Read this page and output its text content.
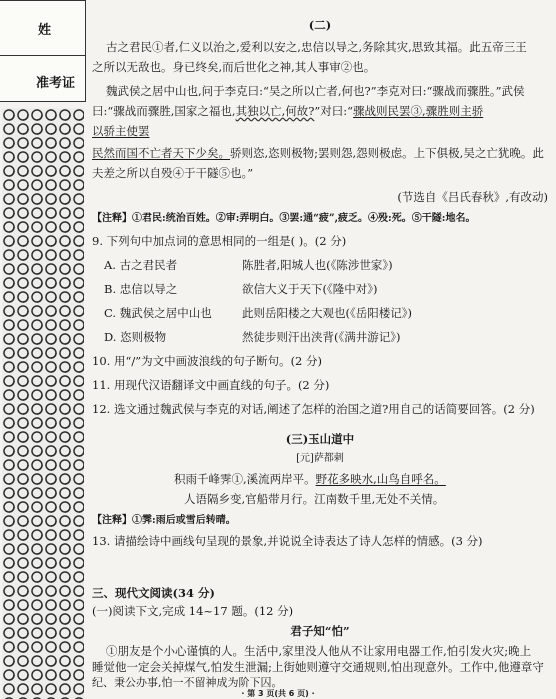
姓
准考证
(二)
古之君民①者,仁义以治之,爱利以安之,忠信以导之,务除其灾,思致其福。此五帝三王
之所以无敌也。身已终矣,而后世化之神,其人事审②也。
魏武侯之居中山也,问于李克曰:“吴之所以亡者,何也?”李克对曰:“骤战而骤胜。”武侯
曰:“骤战而骤胜,国家之福也,其独以亡,何故?”对曰:“骤战则民罢③,骤胜则主骄
以骄主使罢
民然而国不亡者天下少矣。骄则恣,恣则极物;罢则怨,怨则极虑。上下俱极,吴之亡犹晚。此
夫差之所以自殁④于干隧⑤也。”
(节选自《吕氏春秋》,有改动)
【注释】①君民:统治百姓。②审:弄明白。③罢:通“疲”,疲乏。④殁:死。⑤干隧:地名。
9. 下列句中加点词的意思相同的一组是( )。(2 分)
A. 古之君民者	陈胜者,阳城人也(《陈涉世家》)
B. 忠信以导之	欲信大义于天下(《隆中对》)
C. 魏武侯之居中山也	此则岳阳楼之大观也(《岳阳楼记》)
D. 恣则极物	然徒步则汗出浃背(《满井游记》)
10. 用“/”为文中画波浪线的句子断句。(2 分)
11. 用现代汉语翻译文中画直线的句子。(2 分)
12. 选文通过魏武侯与李克的对话,阐述了怎样的治国之道?用自己的话简要回答。(2 分)
(三)玉山道中
[元]萨都剌
积雨千峰霁①,溪流两岸平。野花多映水,山鸟自呼名。
人语隔乡变,官船带月行。江南数千里,无处不关情。
【注释】①霁:雨后或雪后转晴。
13. 请描绘诗中画线句呈现的景象,并说说全诗表达了诗人怎样的情感。(3 分)
三、现代文阅读(34 分)
(一)阅读下文,完成 14~17 题。(12 分)
君子知“怕”
①朋友是个小心谨慎的人。生活中,家里没人他从不让家用电器工作,怕引发火灾;晚上
睡觉他一定会关掉煤气,怕发生泄漏;上街她则遵守交通规则,怕出现意外。工作中,他遵章守
纪、秉公办事,怕一不留神成为阶下囚。
· 第 3 页(共 6 页) ·
